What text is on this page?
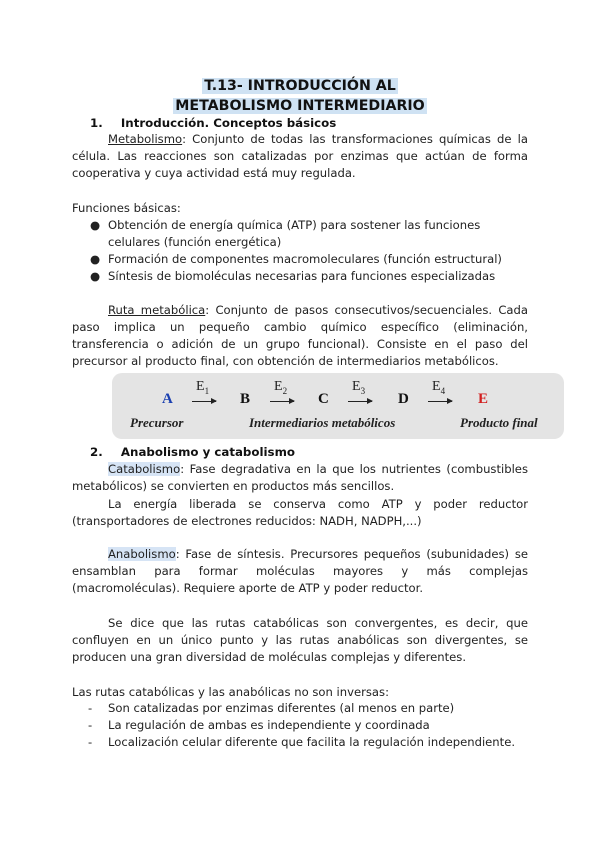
T.13- INTRODUCCIÓN AL
METABOLISMO INTERMEDIARIO
1. Introducción. Conceptos básicos
Metabolismo: Conjunto de todas las transformaciones químicas de la célula. Las reacciones son catalizadas por enzimas que actúan de forma cooperativa y cuya actividad está muy regulada.
Funciones básicas:
● Obtención de energía química (ATP) para sostener las funciones celulares (función energética)
● Formación de componentes macromoleculares (función estructural)
● Síntesis de biomoléculas necesarias para funciones especializadas
Ruta metabólica: Conjunto de pasos consecutivos/secuenciales. Cada paso implica un pequeño cambio químico específico (eliminación, transferencia o adición de un grupo funcional). Consiste en el paso del precursor al producto final, con obtención de intermediarios metabólicos.
A
$E_1$
B
$E_2$
C
$E_3$
D
$E_4$
E
Precursor	Intermediarios metabólicos	Producto final
2. Anabolismo y catabolismo
Catabolismo: Fase degradativa en la que los nutrientes (combustibles metabólicos) se convierten en productos más sencillos.
La energía liberada se conserva como ATP y poder reductor (transportadores de electrones reducidos: NADH, NADPH,...)
Anabolismo: Fase de síntesis. Precursores pequeños (subunidades) se ensamblan para formar moléculas mayores y más complejas (macromoléculas). Requiere aporte de ATP y poder reductor.
Se dice que las rutas catabólicas son convergentes, es decir, que confluyen en un único punto y las rutas anabólicas son divergentes, se producen una gran diversidad de moléculas complejas y diferentes.
Las rutas catabólicas y las anabólicas no son inversas:
- Son catalizadas por enzimas diferentes (al menos en parte)
- La regulación de ambas es independiente y coordinada
- Localización celular diferente que facilita la regulación independiente.
